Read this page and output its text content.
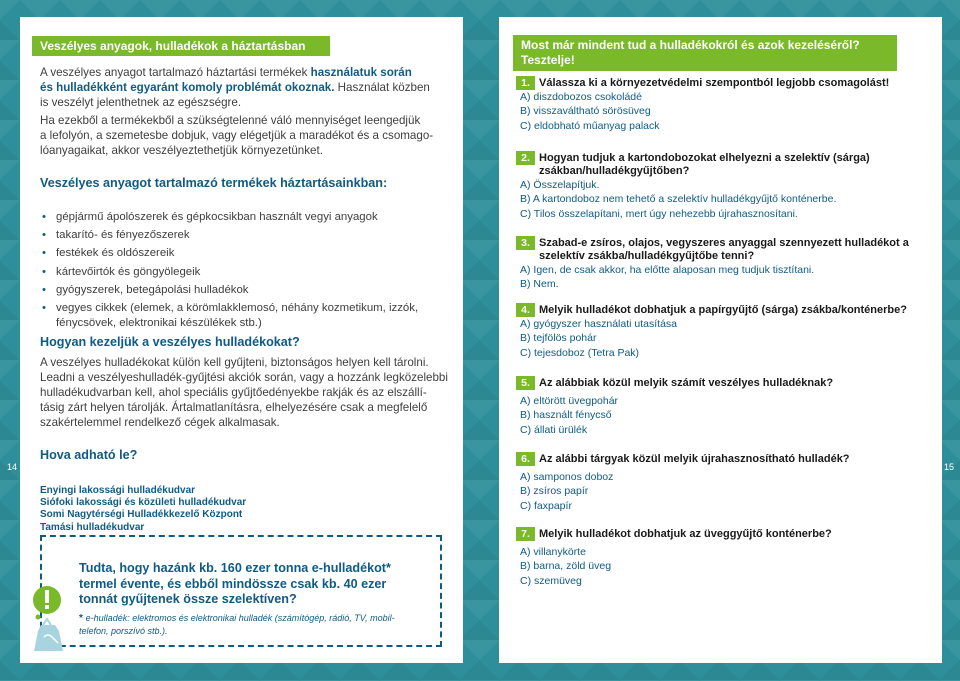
Veszélyes anyagok, hulladékok a háztartásban
A veszélyes anyagot tartalmazó háztartási termékek használatuk során
és hulladékként egyaránt komoly problémát okoznak. Használat közben
is veszélyt jelenthetnek az egészségre.
Ha ezekből a termékekből a szükségtelenné váló mennyiséget leengedjük
a lefolyón, a szemetesbe dobjuk, vagy elégetjük a maradékot és a csomago-
lóanyagaikat, akkor veszélyeztethetjük környezetünket.
Veszélyes anyagot tartalmazó termékek háztartásainkban:
• gépjármű ápolószerek és gépkocsikban használt vegyi anyagok
• takarító- és fényezőszerek
• festékek és oldószereik
• kártevőirtók és göngyölegeik
• gyógyszerek, betegápolási hulladékok
• vegyes cikkek (elemek, a körömlakklemosó, néhány kozmetikum, izzók, fénycsövek, elektronikai készülékek stb.)
Hogyan kezeljük a veszélyes hulladékokat?
A veszélyes hulladékokat külön kell gyűjteni, biztonságos helyen kell tárolni.
Leadni a veszélyeshulladék-gyűjtési akciók során, vagy a hozzánk legközelebbi
hulladékudvarban kell, ahol speciális gyűjtőedényekbe rakják és az elszállí-
tásig zárt helyen tárolják. Ártalmatlanításra, elhelyezésére csak a megfelelő
szakértelemmel rendelkező cégek alkalmasak.
Hova adható le?
Enyingi lakossági hulladékudvar
Siófoki lakossági és közületi hulladékudvar
Somi Nagytérségi Hulladékkezelő Központ
Tamási hulladékudvar
Tudta, hogy hazánk kb. 160 ezer tonna e-hulladékot*
termel évente, és ebből mindössze csak kb. 40 ezer
tonnát gyűjtenek össze szelektíven?
* e-hulladék: elektromos és elektronikai hulladék (számítógép, rádió, TV, mobil-
telefon, porszívó stb.).
Most már mindent tud a hulladékokról és azok kezeléséről?
Tesztelje!
1. Válassza ki a környezetvédelmi szempontból legjobb csomagolást!
A) diszdobozos csokoládé
B) visszaváltható sörösüveg
C) eldobható műanyag palack
2. Hogyan tudjuk a kartondobozokat elhelyezni a szelektív (sárga) zsákban/hulladékgyűjtőben?
A) Összelapítjuk.
B) A kartondoboz nem tehető a szelektív hulladékgyűjtő konténerbe.
C) Tilos összelapítani, mert úgy nehezebb újrahasznosítani.
3. Szabad-e zsíros, olajos, vegyszeres anyaggal szennyezett hulladékot a szelektív zsákba/hulladékgyűjtőbe tenni?
A) Igen, de csak akkor, ha előtte alaposan meg tudjuk tisztítani.
B) Nem.
4. Melyik hulladékot dobhatjuk a papírgyűjtő (sárga) zsákba/konténerbe?
A) gyógyszer használati utasítása
B) tejfölös pohár
C) tejesdoboz (Tetra Pak)
5. Az alábbiak közül melyik számít veszélyes hulladéknak?
A) eltörött üvegpohár
B) használt fénycső
C) állati ürülék
6. Az alábbi tárgyak közül melyik újrahasznosítható hulladék?
A) samponos doboz
B) zsíros papír
C) faxpapír
7. Melyik hulladékot dobhatjuk az üveggyűjtő konténerbe?
A) villanykörte
B) barna, zöld üveg
C) szemüveg
14	15
